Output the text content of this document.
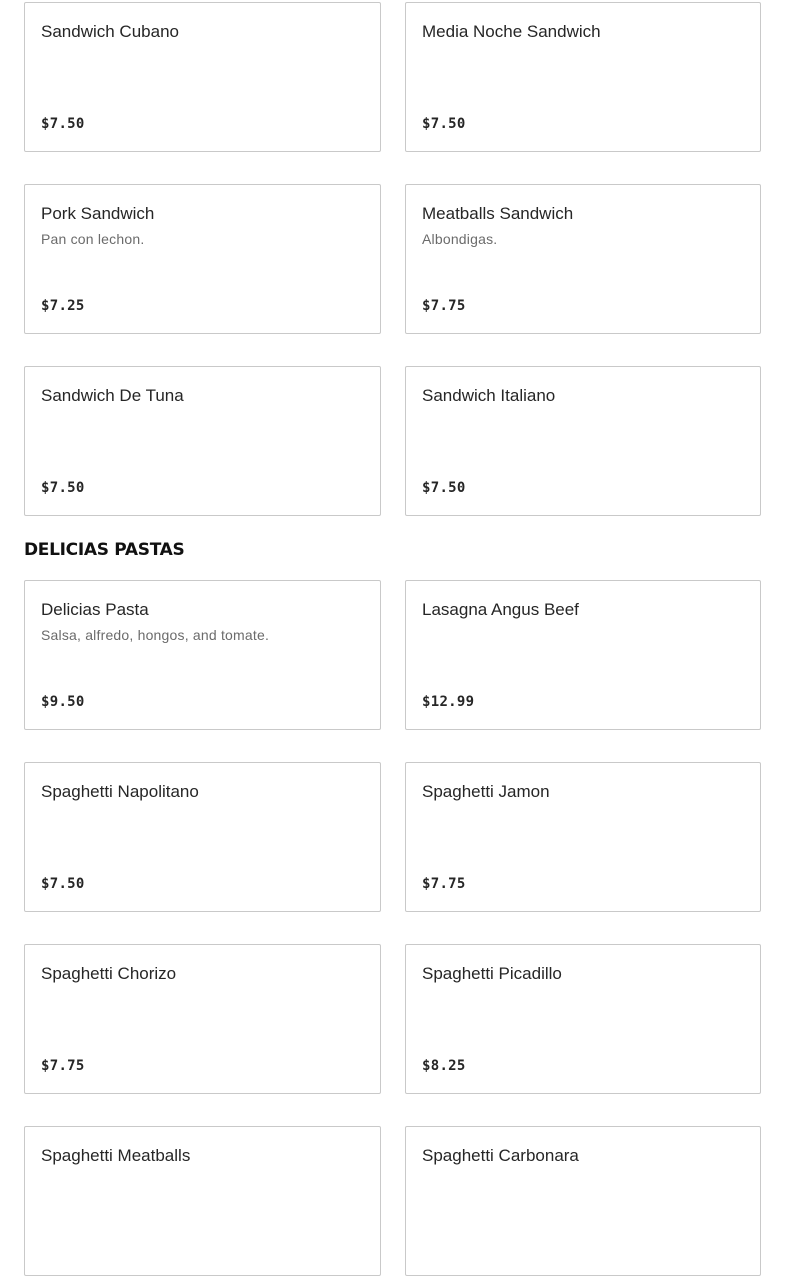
Sandwich Cubano
$7.50
Media Noche Sandwich
$7.50
Pork Sandwich
Pan con lechon.
$7.25
Meatballs Sandwich
Albondigas.
$7.75
Sandwich De Tuna
$7.50
Sandwich Italiano
$7.50
DELICIAS PASTAS
Delicias Pasta
Salsa, alfredo, hongos, and tomate.
$9.50
Lasagna Angus Beef
$12.99
Spaghetti Napolitano
$7.50
Spaghetti Jamon
$7.75
Spaghetti Chorizo
$7.75
Spaghetti Picadillo
$8.25
Spaghetti Meatballs	Spaghetti Carbonara
